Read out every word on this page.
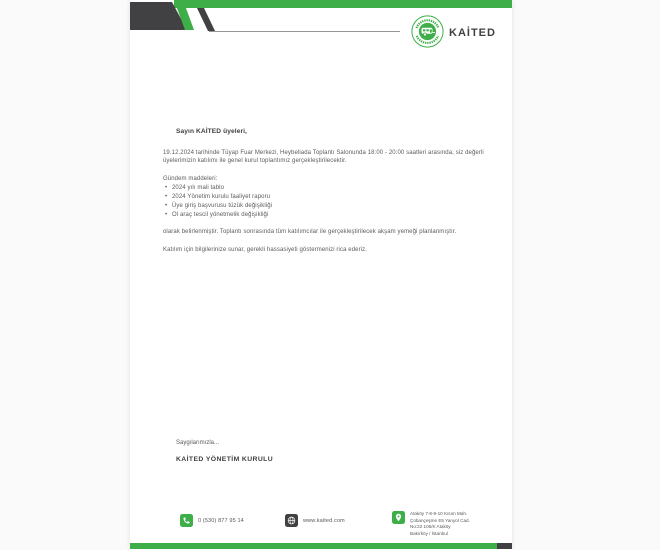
KAİTED
Sayın KAİTED üyeleri,

19.12.2024 tarihinde Tüyap Fuar Merkezi, Heybeliada Toplantı Salonunda 18:00 - 20:00 saatleri arasında, siz değerli üyelerimizin katılımı ile genel kurul toplantımız gerçekleştirilecektir.

Gündem maddeleri:
• 2024 yılı mali tablo
• 2024 Yönetim kurulu faaliyet raporu
• Üye giriş başvurusu tüzük değişikliği
• Ol araç tescil yönetmelik değişikliği

olarak belirlenmiştir. Toplantı sonrasında tüm katılımcılar ile gerçekleştirilecek akşam yemeği planlanmıştır.

Katılım için bilgilerinize sunar, gerekli hassasiyeti göstermenizi rica ederiz.

Saygılarımızla...
KAİTED YÖNETİM KURULU
0 (530) 877 95 14	www.kaited.com
Ataköy 7-8-9-10 Kısım Mah.
Çobançeşme E5 Yanyol Cad.
No:22 106/K Ataköy
Bakırköy / İstanbul
